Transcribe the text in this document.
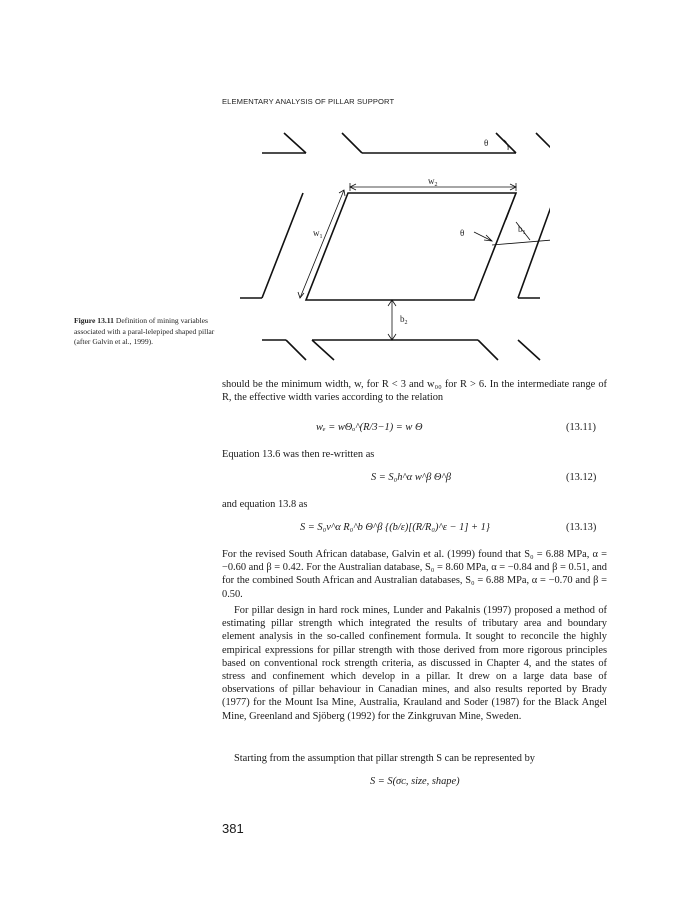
ELEMENTARY ANALYSIS OF PILLAR SUPPORT
θ
$w_2$
$w_1$	θ	$b_1$
$b_2$
Figure 13.11 Definition of mining variables associated with a paral-lelepiped shaped pillar (after Galvin et al., 1999).
should be the minimum width, w, for R < 3 and w₀₀ for R > 6. In the intermediate range of R, the effective width varies according to the relation
wₑ = wΘₒ^(R/3−1) = w Θ	(13.11)
Equation 13.6 was then re-written as
S = S₀h^α w^β Θ^β	(13.12)
and equation 13.8 as
S = S₀v^α R₀^b Θ^β {(b/ε)[(R/R₀)^ε − 1] + 1}	(13.13)
For the revised South African database, Galvin et al. (1999) found that S₀ = 6.88 MPa, α = −0.60 and β = 0.42. For the Australian database, S₀ = 8.60 MPa, α = −0.84 and β = 0.51, and for the combined South African and Australian databases, S₀ = 6.88 MPa, α = −0.70 and β = 0.50.
For pillar design in hard rock mines, Lunder and Pakalnis (1997) proposed a method of estimating pillar strength which integrated the results of tributary area and boundary element analysis in the so-called confinement formula. It sought to reconcile the highly empirical expressions for pillar strength with those derived from more rigorous principles based on conventional rock strength criteria, as discussed in Chapter 4, and the states of stress and confinement which develop in a pillar. It drew on a large data base of observations of pillar behaviour in Canadian mines, and also results reported by Brady (1977) for the Mount Isa Mine, Australia, Krauland and Soder (1987) for the Black Angel Mine, Greenland and Sjöberg (1992) for the Zinkgruvan Mine, Sweden.
Starting from the assumption that pillar strength S can be represented by
S = S(σᴄ, size, shape)
381
